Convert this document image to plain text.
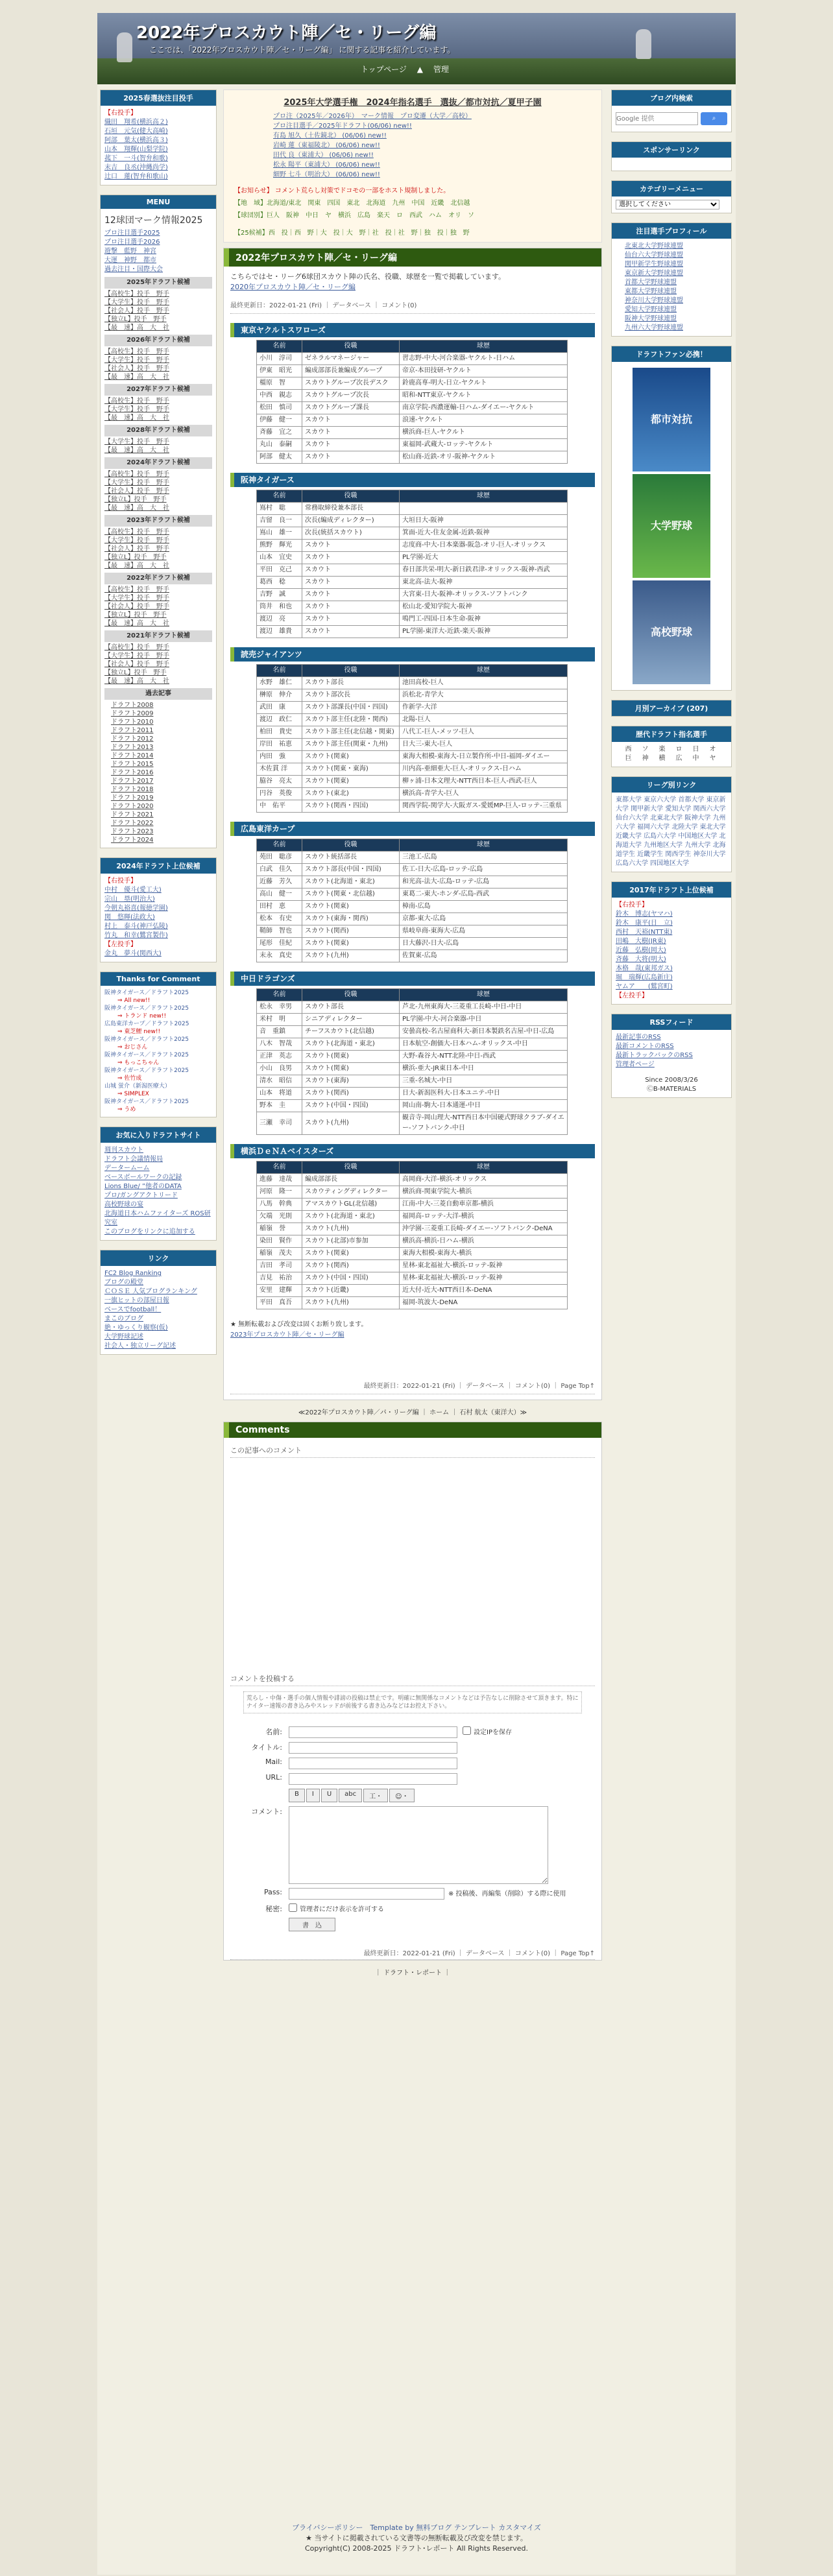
2022年プロスカウト陣／セ・リーグ編
ここでは、「2022年プロスカウト陣／セ・リーグ編」 に関する記事を紹介しています。
トップページ ▲ 管理
2025春選抜注目投手
【右投手】
織田　翔希(横浜高２)
石垣　元気(健大高崎)
阿部　葉太(横浜高３)
山本　翔輝(山梨学院)
菰下　一斗(智弁和歌)
末吉　良丞(沖縄尚学)
辻口　蓮(智弁和歌山)
MENU
12球団マーク情報2025
プロ注目選手2025
プロ注目選手2026
遊撃　藍野　神宮
大運　神野　都市
過去注目・国際大会
2025年ドラフト候補
【高校生】投手　野手
【大学生】投手　野手
【社会人】投手　野手
【独立L】投手　野手
【最　速】高　大　社
2026年ドラフト候補
【高校生】投手　野手
【大学生】投手　野手
【社会人】投手　野手
【最　速】高　大　社
2027年ドラフト候補
【高校生】投手　野手
【大学生】投手　野手
【最　速】高　大　社
2028年ドラフト候補
【大学生】投手　野手
【最　速】高　大　社
2024年ドラフト候補
【高校生】投手　野手
【大学生】投手　野手
【社会人】投手　野手
【独立L】投手　野手
【最　速】高　大　社
2023年ドラフト候補
【高校生】投手　野手
【大学生】投手　野手
【社会人】投手　野手
【独立L】投手　野手
【最　速】高　大　社
2022年ドラフト候補
【高校生】投手　野手
【大学生】投手　野手
【社会人】投手　野手
【独立L】投手　野手
【最　速】高　大　社
2021年ドラフト候補
【高校生】投手　野手
【大学生】投手　野手
【社会人】投手　野手
【独立L】投手　野手
【最　速】高　大　社
過去記事
ドラフト2008
ドラフト2009
ドラフト2010
ドラフト2011
ドラフト2012
ドラフト2013
ドラフト2014
ドラフト2015
ドラフト2016
ドラフト2017
ドラフト2018
ドラフト2019
ドラフト2020
ドラフト2021
ドラフト2022
ドラフト2023
ドラフト2024
2024年ドラフト上位候補
【右投手】
中村　優斗(愛工大)
宗山　塁(明治大)
今朝丸裕喜(報徳学園)
関　悠暉(法政大)
村上　泰斗(神戸弘陵)
竹丸　和幸(鷺宮製作)
【左投手】
金丸　夢斗(関西大)
Thanks for Comment
阪神タイガース／ドラフト2025
⇒ All new!!
阪神タイガース／ドラフト2025
⇒ トランド new!!
広島東洋カープ／ドラフト2025
⇒ 東芝鯉 new!!
阪神タイガース／ドラフト2025
⇒ おじさん
阪神タイガース／ドラフト2025
⇒ もっこちゃん
阪神タイガース／ドラフト2025
⇒ 佐竹成
山城 蛍介（新潟医療大）
⇒ SIMPLEX
阪神タイガース／ドラフト2025
⇒ うめ
お気に入りドラフトサイト
週刊スカウト
ドラフト会議情報局
データームーム
ベースボールワークの記録
Lions Blue/ ”他者のDATA
プロ/ガングアクトリード
高校野球の宴
北海道日本ハムファイターズ ROS研究室
このブログをリンクに追加する
リンク
FC2 Blog Ranking
ブログの殿堂
ＣＯＳＥ 人気ブログランキング
一旗ヒットの部屋日報
ベースでfootball！
まこのブログ
絶・ゆっくり観察(仮)
大学野球記述
社会人・独立リーグ記述
2025年大学選手権　2024年指名選手　選抜／都市対抗／夏甲子園
プロ注（2025年／2026年）　マーク情報　プロ変遷（大学／高校）
プロ注目選手／2025年ドラフト(06/06) new!!
有島 旭久（土佐鏡北） (06/06) new!!
岩崎 蓮（東福陵北） (06/06) new!!
田代 良（東浦大） (06/06) new!!
松永 陽平（東浦大） (06/06) new!!
細野 七斗（明治大） (06/06) new!!
【お知らせ】 コメント荒らし対策でドコモの一部をホスト規制しました。
【地　域】北海道/東北　関東　四国　東北　北海道　九州　中国　近畿　北信越
【球団別】巨人　阪神　中日　ヤ　横浜　広島　楽天　ロ　西武　ハム　オリ　ソ
【25候補】西　投｜西　野｜大　投｜大　野｜社　投｜社　野｜独　投｜独　野
2022年プロスカウト陣／セ・リーグ編
こちらではセ・リーグ6球団スカウト陣の氏名、役職、球歴を一覧で掲載しています。
2020年プロスカウト陣／セ・リーグ編
最終更新日：2022-01-21 (Fri) ｜ データベース ｜ コメント(0)
東京ヤクルトスワローズ
名前	役職	球歴
小川　淳司	ゼネラルマネージャー	習志野-中大-河合楽器-ヤクルト-日ハム
伊東　昭光	編成部部長兼編成グループ	帝京-本田技研-ヤクルト
橿原　智	スカウトグループ次長デスク	鈴鹿高専-明大-日立-ヤクルト
中西　親志	スカウトグループ次長	昭和-NTT東京-ヤクルト
松田　慎司	スカウトグループ課長	南京学院-西濃運輸-日ハム-ダイエー-ヤクルト
伊藤　健一	スカウト	浪速-ヤクルト
斉藤　宜之	スカウト	横浜商-巨人-ヤクルト
丸山　泰嗣	スカウト	東福岡-武蔵大-ロッテ-ヤクルト
阿部　健太	スカウト	松山商-近鉄-オリ-阪神-ヤクルト
阪神タイガース
名前	役職	球歴
嶌村　聡	常務取締役兼本部長	
吉留　良一	次長(編成ディレクター)	大垣日大-阪神
嶌山　雄一	次長(統括スカウト)	箕面-近大-住友金属-近鉄-阪神
熊野　輝光	スカウト	志度商-中大-日本楽器-阪急-オリ-巨人-オリックス
山本　宜史	スカウト	PL学園-近大
平田　克己	スカウト	春日部共栄-明大-新日鉄君津-オリックス-阪神-西武
葛西　稔	スカウト	東北高-法大-阪神
吉野　誠	スカウト	大宮東-日大-阪神-オリックス-ソフトバンク
筒井　和也	スカウト	松山北-愛知学院大-阪神
渡辺　亮	スカウト	鳴門工-四国-日本生命-阪神
渡辺　雄貴	スカウト	PL学園-東洋大-近鉄-楽天-阪神
読売ジャイアンツ
名前	役職	球歴
水野　雄仁	スカウト部長	池田高校-巨人
榊原　伸介	スカウト部次長	浜松北-青学大
武田　康	スカウト部課長(中国・四国)	作新学-大洋
渡辺　政仁	スカウト部主任(北陸・関西)	北陽-巨人
柏田　貴史	スカウト部主任(北信越・関東)	八代工-巨人-メッツ-巨人
岸田　祐恵	スカウト部主任(関東・九州)	日大三-東大-巨人
内田　強	スカウト(関東)	東海大相模-東海大-日立製作所-中日-福岡-ダイエー
木佐貫 洋	スカウト(関東・東海)	川内高-亜細亜大-巨人-オリックス-日ハム
脇谷　亮太	スカウト(関東)	柳ヶ浦-日本文理大-NTT西日本-巨人-西武-巨人
円谷　英俊	スカウト(東北)	横浜高-青学大-巨人
中　佑平	スカウト(関西・四国)	関西学院-関学大-大阪ガス-愛媛MP-巨人-ロッテ-三重県
広島東洋カープ
名前	役職	球歴
苑田　聡彦	スカウト統括部長	三池工-広島
白武　佳久	スカウト部長(中国・四国)	佐工-日大-広島-ロッテ-広島
近藤　芳久	スカウト(北海道・東北)	和光高-法大-広島-ロッテ-広島
高山　健一	スカウト(関東・北信越)	東葛二-東大-ホンダ-広島-西武
田村　恵	スカウト(関東)	樟南-広島
松本　有史	スカウト(東海・関西)	京都-東大-広島
鞘師　智也	スカウト(関西)	県岐阜商-東海大-広島
尾形　佳紀	スカウト(関東)	日大藤沢-日大-広島
末永　真史	スカウト(九州)	佐賀東-広島
中日ドラゴンズ
名前	役職	球歴
松永　幸男	スカウト部長	芦北-九州東海大-三菱重工長崎-中日-中日
米村　明	シニアディレクター	PL学園-中大-河合楽器-中日
音　重鎮	チーフスカウト(北信越)	安曇高校-名古屋商科大-新日本製鉄名古屋-中日-広島
八木　智哉	スカウト(北海道・東北)	日本航空-創価大-日本ハム-オリックス-中日
正津　英志	スカウト(関東)	大野-森谷大-NTT北陸-中日-西武
小山　良男	スカウト(関東)	横浜-亜大-JR東日本-中日
清水　昭信	スカウト(東海)	三重-名城大-中日
山本　将道	スカウト(関西)	日大-新潟医科大-日本ユニテ-中日
野本　圭	スカウト(中国・四国)	岡山南-駒大-日本通運-中日
三瀬　幸司	スカウト(九州)	観音寺-岡山理大-NTT西日本中国硬式野球クラブ-ダイエー-ソフトバンク-中日
横浜ＤｅＮＡベイスターズ
名前	役職	球歴
進藤　達哉	編成部部長	高岡商-大洋-横浜-オリックス
河原　隆一	スカウティングディレクター	横浜商-関東学院大-横浜
八馬　幹典	アマスカウトGL(北信越)	江南-中大-三菱自動車京都-横浜
欠端　光則	スカウト(北海道・東北)	福岡高-ロッテ-大洋-横浜
稲嶺　誉	スカウト(九州)	沖学園-三菱重工長崎-ダイエー-ソフトバンク-DeNA
染田　賢作	スカウト(北部)市参加	横浜高-横浜-日ハム-横浜
稲嶺　茂夫	スカウト(関東)	東海大相模-東海大-横浜
吉田　孝司	スカウト(関西)	星林-東北福祉大-横浜-ロッテ-阪神
吉見　祐治	スカウト(中国・四国)	星林-東北福祉大-横浜-ロッテ-阪神
安里　建輝	スカウト(近畿)	近大付-近大-NTT西日本-DeNA
平田　真吾	スカウト(九州)	福岡-筑波大-DeNA
★ 無断転載および改変は固くお断り致します。
2023年プロスカウト陣／セ・リーグ編
最終更新日：2022-01-21 (Fri) ｜ データベース ｜ コメント(0) ｜ Page Top↑
≪2022年プロスカウト陣／パ・リーグ編 ｜ ホーム ｜ 石村 航太（東洋大）≫
Comments
この記事へのコメント
コメントを投稿する
荒らし・中傷・選手の個人情報や誹謗の投稿は禁止です。明確に無関係なコメントなどは予告なしに削除させて頂きます。特にナイター速報の書き込みやスレッドが前後する書き込みなどはお控え下さい。
名前:	設定IPを保存
タイトル:
Mail:
URL:
B	I	U	abc	工・	☺・
コメント:
Pass:	※ 投稿後、再編集（削除）する際に使用
秘密:	管理者にだけ表示を許可する
書　込
最終更新日：2022-01-21 (Fri) ｜ データベース ｜ コメント(0) ｜ Page Top↑
｜ ドラフト・レポート ｜
ブログ内検索
Google 提供
⌕
スポンサーリンク
カテゴリーメニュー
選択してください
注目選手プロフィール
北東北大学野球連盟
仙台六大学野球連盟
関甲新学生野球連盟
東京新大学野球連盟
首都大学野球連盟
東都大学野球連盟
神奈川大学野球連盟
愛知大学野球連盟
阪神大学野球連盟
九州六大学野球連盟
ドラフトファン必携！
都市対抗
大学野球
高校野球
月別アーカイブ (207)
歴代ドラフト指名選手
西　ソ　楽　ロ　日　オ
巨　神　横　広　中　ヤ
リーグ別リンク
東都大学 東京六大学 首都大学 東京新大学 関甲新大学 愛知大学 関西六大学 仙台六大学 北東北大学 阪神大学 九州六大学 福岡六大学 北陸大学 東北大学 近畿大学 広島六大学 中国地区大学 北海道大学 九州地区大学 九州大学 北海道学生 近畿学生 関西学生 神奈川大学 広島六大学 四国地区大学
2017年ドラフト上位候補
【右投手】
鈴木　博志(ヤマハ)
鈴木　康平(日　立)
西村　天裕(NTT東)
田嶋　大樹(JR東)
近藤　弘樹(岡大)
斉藤　大将(明大)
本格　哉(東邦ガス)
堀　瑞輝(広島新庄)
ヤムア　　(鷲宮町)
【左投手】
RSSフィード
最新記事のRSS
最新コメントのRSS
最新トラックバックのRSS
管理者ページ
Since 2008/3/26
ⒸB-MATERIALS
プライバシーポリシー　Template by 無料ブログ テンプレート カスタマイズ
★ 当サイトに掲載されている文書等の無断転載及び改変を禁じます。
Copyright(C) 2008-2025 ドラフト･レポート All Rights Reserved.
